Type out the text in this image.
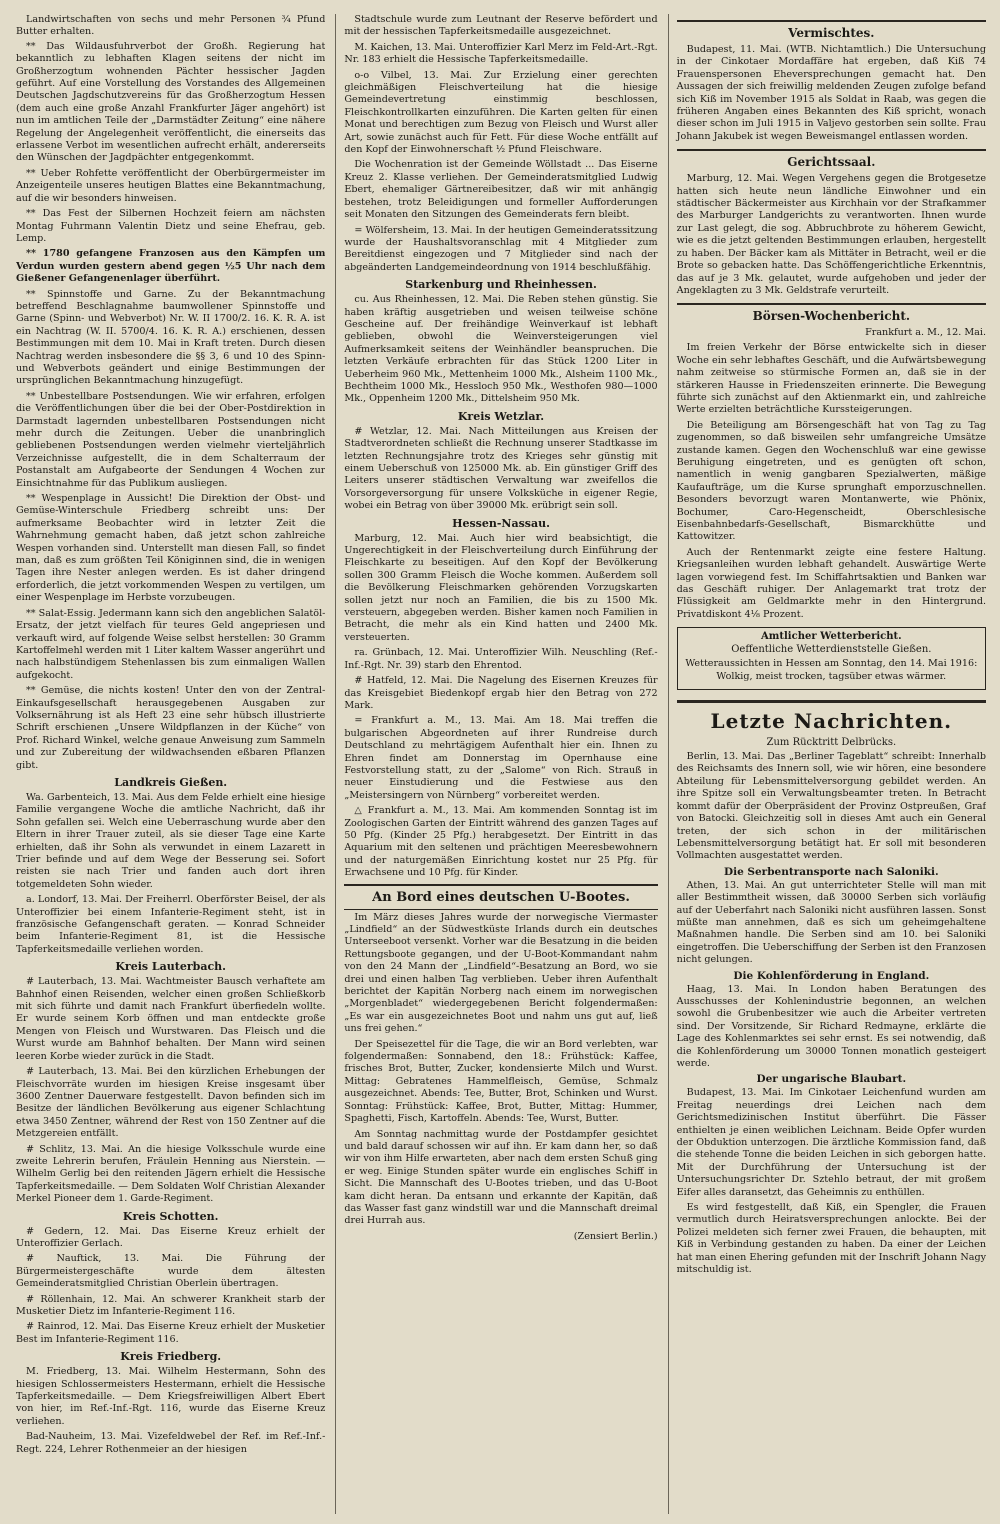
Landwirtschaften von sechs und mehr Personen ¾ Pfund Butter erhalten.

** Das Wildausfuhrverbot der Großh. Regierung hat bekanntlich zu lebhaften Klagen seitens der nicht im Großherzogtum wohnenden Pächter hessischer Jagden geführt. Auf eine Vorstellung des Vorstandes des Allgemeinen Deutschen Jagdschutzvereins für das Großherzogtum Hessen (dem auch eine große Anzahl Frankfurter Jäger angehört) ist nun im amtlichen Teile der „Darmstädter Zeitung“ eine nähere Regelung der Angelegenheit veröffentlicht, die einerseits das erlassene Verbot im wesentlichen aufrecht erhält, andererseits den Wünschen der Jagdpächter entgegenkommt.

** Ueber Rohfette veröffentlicht der Oberbürgermeister im Anzeigenteile unseres heutigen Blattes eine Bekanntmachung, auf die wir besonders hinweisen.

** Das Fest der Silbernen Hochzeit feiern am nächsten Montag Fuhrmann Valentin Dietz und seine Ehefrau, geb. Lemp.

** 1780 gefangene Franzosen aus den Kämpfen um Verdun wurden gestern abend gegen ½5 Uhr nach dem Gießener Gefangenenlager überführt.

** Spinnstoffe und Garne. Zu der Bekanntmachung betreffend Beschlagnahme baumwollener Spinnstoffe und Garne (Spinn- und Webverbot) Nr. W. II 1700/2. 16. K. R. A. ist ein Nachtrag (W. II. 5700/4. 16. K. R. A.) erschienen, dessen Bestimmungen mit dem 10. Mai in Kraft treten. Durch diesen Nachtrag werden insbesondere die §§ 3, 6 und 10 des Spinn- und Webverbots geändert und einige Bestimmungen der ursprünglichen Bekanntmachung hinzugefügt.

** Unbestellbare Postsendungen. Wie wir erfahren, erfolgen die Veröffentlichungen über die bei der Ober-Postdirektion in Darmstadt lagernden unbestellbaren Postsendungen nicht mehr durch die Zeitungen. Ueber die unanbringlich gebliebenen Postsendungen werden vielmehr vierteljährlich Verzeichnisse aufgestellt, die in dem Schalterraum der Postanstalt am Aufgabeorte der Sendungen 4 Wochen zur Einsichtnahme für das Publikum ausliegen.

** Wespenplage in Aussicht! Die Direktion der Obst- und Gemüse-Winterschule Friedberg schreibt uns: Der aufmerksame Beobachter wird in letzter Zeit die Wahrnehmung gemacht haben, daß jetzt schon zahlreiche Wespen vorhanden sind. Unterstellt man diesen Fall, so findet man, daß es zum größten Teil Königinnen sind, die in wenigen Tagen ihre Nester anlegen werden. Es ist daher dringend erforderlich, die jetzt vorkommenden Wespen zu vertilgen, um einer Wespenplage im Herbste vorzubeugen.

** Salat-Essig. Jedermann kann sich den angeblichen Salatöl-Ersatz, der jetzt vielfach für teures Geld angepriesen und verkauft wird, auf folgende Weise selbst herstellen: 30 Gramm Kartoffelmehl werden mit 1 Liter kaltem Wasser angerührt und nach halbstündigem Stehenlassen bis zum einmaligen Wallen aufgekocht.

** Gemüse, die nichts kosten! Unter den von der Zentral-Einkaufsgesellschaft herausgegebenen Ausgaben zur Volksernährung ist als Heft 23 eine sehr hübsch illustrierte Schrift erschienen „Unsere Wildpflanzen in der Küche“ von Prof. Richard Winkel, welche genaue Anweisung zum Sammeln und zur Zubereitung der wildwachsenden eßbaren Pflanzen gibt.

Landkreis Gießen.

Wa. Garbenteich, 13. Mai. Aus dem Felde erhielt eine hiesige Familie vergangene Woche die amtliche Nachricht, daß ihr Sohn gefallen sei. Welch eine Ueberraschung wurde aber den Eltern in ihrer Trauer zuteil, als sie dieser Tage eine Karte erhielten, daß ihr Sohn als verwundet in einem Lazarett in Trier befinde und auf dem Wege der Besserung sei. Sofort reisten sie nach Trier und fanden auch dort ihren totgemeldeten Sohn wieder.

a. Londorf, 13. Mai. Der Freiherrl. Oberförster Beisel, der als Unteroffizier bei einem Infanterie-Regiment steht, ist in französische Gefangenschaft geraten. — Konrad Schneider beim Infanterie-Regiment 81, ist die Hessische Tapferkeitsmedaille verliehen worden.

Kreis Lauterbach.

# Lauterbach, 13. Mai. Wachtmeister Bausch verhaftete am Bahnhof einen Reisenden, welcher einen großen Schließkorb mit sich führte und damit nach Frankfurt überfiedeln wollte. Er wurde seinem Korb öffnen und man entdeckte große Mengen von Fleisch und Wurstwaren. Das Fleisch und die Wurst wurde am Bahnhof behalten. Der Mann wird seinen leeren Korbe wieder zurück in die Stadt.

# Lauterbach, 13. Mai. Bei den kürzlichen Erhebungen der Fleischvorräte wurden im hiesigen Kreise insgesamt über 3600 Zentner Dauerware festgestellt. Davon befinden sich im Besitze der ländlichen Bevölkerung aus eigener Schlachtung etwa 3450 Zentner, während der Rest von 150 Zentner auf die Metzgereien entfällt.

# Schlitz, 13. Mai. An die hiesige Volksschule wurde eine zweite Lehrerin berufen, Fräulein Henning aus Nierstein. — Wilhelm Gerlig bei den reitenden Jägern erhielt die Hessische Tapferkeitsmedaille. — Dem Soldaten Wolf Christian Alexander Merkel Pioneer dem 1. Garde-Regiment.

Kreis Schotten.

# Gedern, 12. Mai. Das Eiserne Kreuz erhielt der Unteroffizier Gerlach.

# Nauftick, 13. Mai. Die Führung der Bürgermeistergeschäfte wurde dem ältesten Gemeinderatsmitglied Christian Oberlein übertragen.

# Röllenhain, 12. Mai. An schwerer Krankheit starb der Musketier Dietz im Infanterie-Regiment 116.

# Rainrod, 12. Mai. Das Eiserne Kreuz erhielt der Musketier Best im Infanterie-Regiment 116.

Kreis Friedberg.

M. Friedberg, 13. Mai. Wilhelm Hestermann, Sohn des hiesigen Schlossermeisters Hestermann, erhielt die Hessische Tapferkeitsmedaille. — Dem Kriegsfreiwilligen Albert Ebert von hier, im Ref.-Inf.-Rgt. 116, wurde das Eiserne Kreuz verliehen.

Bad-Nauheim, 13. Mai. Vizefeldwebel der Ref. im Ref.-Inf.-Regt. 224, Lehrer Rothenmeier an der hiesigen

Stadtschule wurde zum Leutnant der Reserve befördert und mit der hessischen Tapferkeitsmedaille ausgezeichnet.

M. Kaichen, 13. Mai. Unteroffizier Karl Merz im Feld-Art.-Rgt. Nr. 183 erhielt die Hessische Tapferkeitsmedaille.

o-o Vilbel, 13. Mai. Zur Erzielung einer gerechten gleichmäßigen Fleischverteilung hat die hiesige Gemeindevertretung einstimmig beschlossen, Fleischkontrollkarten einzuführen. Die Karten gelten für einen Monat und berechtigen zum Bezug von Fleisch und Wurst aller Art, sowie zunächst auch für Fett. Für diese Woche entfällt auf den Kopf der Einwohnerschaft ½ Pfund Fleischware.

Die Wochenration ist der Gemeinde Wöllstadt ... Das Eiserne Kreuz 2. Klasse verliehen. Der Gemeinderatsmitglied Ludwig Ebert, ehemaliger Gärtnereibesitzer, daß wir mit anhängig bestehen, trotz Beleidigungen und formeller Aufforderungen seit Monaten den Sitzungen des Gemeinderats fern bleibt.

= Wölfersheim, 13. Mai. In der heutigen Gemeinderatssitzung wurde der Haushaltsvoranschlag mit 4 Mitglieder zum Bereitdienst eingezogen und 7 Mitglieder sind nach der abgeänderten Landgemeindeordnung von 1914 beschlußfähig.

Starkenburg und Rheinhessen.

cu. Aus Rheinhessen, 12. Mai. Die Reben stehen günstig. Sie haben kräftig ausgetrieben und weisen teilweise schöne Gescheine auf. Der freihändige Weinverkauf ist lebhaft geblieben, obwohl die Weinversteigerungen viel Aufmerksamkeit seitens der Weinhändler beanspruchen. Die letzten Verkäufe erbrachten für das Stück 1200 Liter in Ueberheim 960 Mk., Mettenheim 1000 Mk., Alsheim 1100 Mk., Bechtheim 1000 Mk., Hessloch 950 Mk., Westhofen 980—1000 Mk., Oppenheim 1200 Mk., Dittelsheim 950 Mk.

Kreis Wetzlar.

# Wetzlar, 12. Mai. Nach Mitteilungen aus Kreisen der Stadtverordneten schließt die Rechnung unserer Stadtkasse im letzten Rechnungsjahre trotz des Krieges sehr günstig mit einem Ueberschuß von 125000 Mk. ab. Ein günstiger Griff des Leiters unserer städtischen Verwaltung war zweifellos die Vorsorgeversorgung für unsere Volksküche in eigener Regie, wobei ein Betrag von über 39000 Mk. erübrigt sein soll.

Hessen-Nassau.

Marburg, 12. Mai. Auch hier wird beabsichtigt, die Ungerechtigkeit in der Fleischverteilung durch Einführung der Fleischkarte zu beseitigen. Auf den Kopf der Bevölkerung sollen 300 Gramm Fleisch die Woche kommen. Außerdem soll die Bevölkerung Fleischmarken gehörenden Vorzugskarten sollen jetzt nur noch an Familien, die bis zu 1500 Mk. versteuern, abgegeben werden. Bisher kamen noch Familien in Betracht, die mehr als ein Kind hatten und 2400 Mk. versteuerten.

ra. Grünbach, 12. Mai. Unteroffizier Wilh. Neuschling (Ref.-Inf.-Rgt. Nr. 39) starb den Ehrentod.

# Hatfeld, 12. Mai. Die Nagelung des Eisernen Kreuzes für das Kreisgebiet Biedenkopf ergab hier den Betrag von 272 Mark.

= Frankfurt a. M., 13. Mai. Am 18. Mai treffen die bulgarischen Abgeordneten auf ihrer Rundreise durch Deutschland zu mehrtägigem Aufenthalt hier ein. Ihnen zu Ehren findet am Donnerstag im Opernhause eine Festvorstellung statt, zu der „Salome“ von Rich. Strauß in neuer Einstudierung und die Festwiese aus den „Meistersingern von Nürnberg“ vorbereitet werden.

△ Frankfurt a. M., 13. Mai. Am kommenden Sonntag ist im Zoologischen Garten der Eintritt während des ganzen Tages auf 50 Pfg. (Kinder 25 Pfg.) herabgesetzt. Der Eintritt in das Aquarium mit den seltenen und prächtigen Meeresbewohnern und der naturgemäßen Einrichtung kostet nur 25 Pfg. für Erwachsene und 10 Pfg. für Kinder.

An Bord eines deutschen U-Bootes.

Im März dieses Jahres wurde der norwegische Viermaster „Lindfield“ an der Südwestküste Irlands durch ein deutsches Unterseeboot versenkt. Vorher war die Besatzung in die beiden Rettungsboote gegangen, und der U-Boot-Kommandant nahm von den 24 Mann der „Lindfield“-Besatzung an Bord, wo sie drei und einen halben Tag verblieben. Ueber ihren Aufenthalt berichtet der Kapitän Norberg nach einem im norwegischen „Morgenbladet“ wiedergegebenen Bericht folgendermaßen: „Es war ein ausgezeichnetes Boot und nahm uns gut auf, ließ uns frei gehen.“

Der Speisezettel für die Tage, die wir an Bord verlebten, war folgendermaßen: Sonnabend, den 18.: Frühstück: Kaffee, frisches Brot, Butter, Zucker, kondensierte Milch und Wurst. Mittag: Gebratenes Hammelfleisch, Gemüse, Schmalz ausgezeichnet. Abends: Tee, Butter, Brot, Schinken und Wurst. Sonntag: Frühstück: Kaffee, Brot, Butter, Mittag: Hummer, Spaghetti, Fisch, Kartoffeln. Abends: Tee, Wurst, Butter.

Am Sonntag nachmittag wurde der Postdampfer gesichtet und bald darauf schossen wir auf ihn. Er kam dann her, so daß wir von ihm Hilfe erwarteten, aber nach dem ersten Schuß ging er weg. Einige Stunden später wurde ein englisches Schiff in Sicht. Die Mannschaft des U-Bootes trieben, und das U-Boot kam dicht heran. Da entsann und erkannte der Kapitän, daß das Wasser fast ganz windstill war und die Mannschaft dreimal drei Hurrah aus.

(Zensiert Berlin.)
Vermischtes.

Budapest, 11. Mai. (WTB. Nichtamtlich.) Die Untersuchung in der Cinkotaer Mordaffäre hat ergeben, daß Kiß 74 Frauenspersonen Eheversprechungen gemacht hat. Den Aussagen der sich freiwillig meldenden Zeugen zufolge befand sich Kiß im November 1915 als Soldat in Raab, was gegen die früheren Angaben eines Bekannten des Kiß spricht, wonach dieser schon im Juli 1915 in Valjevo gestorben sein sollte. Frau Johann Jakubek ist wegen Beweismangel entlassen worden.

Gerichtssaal.

Marburg, 12. Mai. Wegen Vergehens gegen die Brotgesetze hatten sich heute neun ländliche Einwohner und ein städtischer Bäckermeister aus Kirchhain vor der Strafkammer des Marburger Landgerichts zu verantworten. Ihnen wurde zur Last gelegt, die sog. Abbruchbrote zu höherem Gewicht, wie es die jetzt geltenden Bestimmungen erlauben, hergestellt zu haben. Der Bäcker kam als Mittäter in Betracht, weil er die Brote so gebacken hatte. Das Schöffengerichtliche Erkenntnis, das auf je 3 Mk. gelautet, wurde aufgehoben und jeder der Angeklagten zu 3 Mk. Geldstrafe verurteilt.

Börsen-Wochenbericht.
Frankfurt a. M., 12. Mai.

Im freien Verkehr der Börse entwickelte sich in dieser Woche ein sehr lebhaftes Geschäft, und die Aufwärtsbewegung nahm zeitweise so stürmische Formen an, daß sie in der stärkeren Hausse in Friedenszeiten erinnerte. Die Bewegung führte sich zunächst auf den Aktienmarkt ein, und zahlreiche Werte erzielten beträchtliche Kurssteigerungen.

Die Beteiligung am Börsengeschäft hat von Tag zu Tag zugenommen, so daß bisweilen sehr umfangreiche Umsätze zustande kamen. Gegen den Wochenschluß war eine gewisse Beruhigung eingetreten, und es genügten oft schon, namentlich in wenig gangbaren Spezialwerten, mäßige Kaufaufträge, um die Kurse sprunghaft emporzuschnellen. Besonders bevorzugt waren Montanwerte, wie Phönix, Bochumer, Caro-Hegenscheidt, Oberschlesische Eisenbahnbedarfs-Gesellschaft, Bismarckhütte und Kattowitzer.

Auch der Rentenmarkt zeigte eine festere Haltung. Kriegsanleihen wurden lebhaft gehandelt. Auswärtige Werte lagen vorwiegend fest. Im Schiffahrtsaktien und Banken war das Geschäft ruhiger. Der Anlagemarkt trat trotz der Flüssigkeit am Geldmarkte mehr in den Hintergrund. Privatdiskont 4⅛ Prozent.

Amtlicher Wetterbericht.
Oeffentliche Wetterdienststelle Gießen.

Wetteraussichten in Hessen am Sonntag, den 14. Mai 1916: Wolkig, meist trocken, tagsüber etwas wärmer.

Letzte Nachrichten.
Zum Rücktritt Delbrücks.

Berlin, 13. Mai. Das „Berliner Tageblatt“ schreibt: Innerhalb des Reichsamts des Innern soll, wie wir hören, eine besondere Abteilung für Lebensmittelversorgung gebildet werden. An ihre Spitze soll ein Verwaltungsbeamter treten. In Betracht kommt dafür der Oberpräsident der Provinz Ostpreußen, Graf von Batocki. Gleichzeitig soll in dieses Amt auch ein General treten, der sich schon in der militärischen Lebensmittelversorgung betätigt hat. Er soll mit besonderen Vollmachten ausgestattet werden.

Die Serbentransporte nach Saloniki.

Athen, 13. Mai. An gut unterrichteter Stelle will man mit aller Bestimmtheit wissen, daß 30000 Serben sich vorläufig auf der Ueberfahrt nach Saloniki nicht ausführen lassen. Sonst müßte man annehmen, daß es sich um geheimgehaltene Maßnahmen handle. Die Serben sind am 10. bei Saloniki eingetroffen. Die Ueberschiffung der Serben ist den Franzosen nicht gelungen.

Die Kohlenförderung in England.

Haag, 13. Mai. In London haben Beratungen des Ausschusses der Kohlenindustrie begonnen, an welchen sowohl die Grubenbesitzer wie auch die Arbeiter vertreten sind. Der Vorsitzende, Sir Richard Redmayne, erklärte die Lage des Kohlenmarktes sei sehr ernst. Es sei notwendig, daß die Kohlenförderung um 30000 Tonnen monatlich gesteigert werde.

Der ungarische Blaubart.

Budapest, 13. Mai. Im Cinkotaer Leichenfund wurden am Freitag neuerdings drei Leichen nach dem Gerichtsmedizinischen Institut überführt. Die Fässer enthielten je einen weiblichen Leichnam. Beide Opfer wurden der Obduktion unterzogen. Die ärztliche Kommission fand, daß die stehende Tonne die beiden Leichen in sich geborgen hatte. Mit der Durchführung der Untersuchung ist der Untersuchungsrichter Dr. Sztehlo betraut, der mit großem Eifer alles daransetzt, das Geheimnis zu enthüllen.

Es wird festgestellt, daß Kiß, ein Spengler, die Frauen vermutlich durch Heiratsversprechungen anlockte. Bei der Polizei meldeten sich ferner zwei Frauen, die behaupten, mit Kiß in Verbindung gestanden zu haben. Da einer der Leichen hat man einen Ehering gefunden mit der Inschrift Johann Nagy mitschuldig ist.
